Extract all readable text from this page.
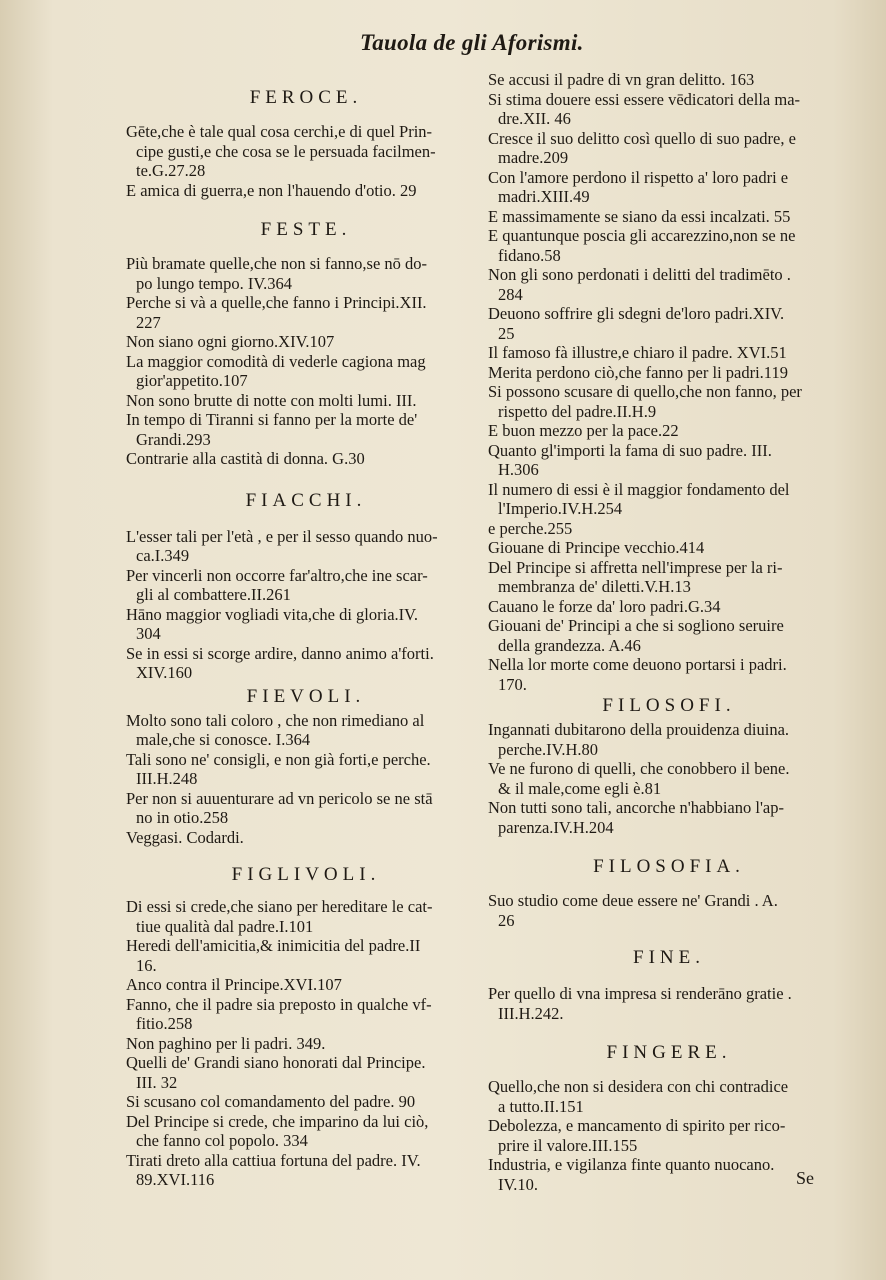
Tauola de gli Aforismi.

FEROCE.

Gēte,che è tale qual cosa cerchi,e di quel Prin-
cipe gusti,e che cosa se le persuada facilmen-
te.G.27.28

E amica di guerra,e non l'hauendo d'otio. 29

FESTE.

Più bramate quelle,che non si fanno,se nō do-
po lungo tempo. IV.364

Perche si và a quelle,che fanno i Principi.XII.
227

Non siano ogni giorno.XIV.107

La maggior comodità di vederle cagiona mag
gior'appetito.107

Non sono brutte di notte con molti lumi. III.

In tempo di Tiranni si fanno per la morte de'
Grandi.293

Contrarie alla castità di donna. G.30

FIACCHI.

L'esser tali per l'età , e per il sesso quando nuo-
ca.I.349

Per vincerli non occorre far'altro,che ine scar-
gli al combattere.II.261

Hāno maggior vogliadi vita,che di gloria.IV.
304

Se in essi si scorge ardire, danno animo a'forti.
XIV.160

FIEVOLI.

Molto sono tali coloro , che non rimediano al
male,che si conosce. I.364

Tali sono ne' consigli, e non già forti,e perche.
III.H.248

Per non si auuenturare ad vn pericolo se ne stā
no in otio.258

Veggasi. Codardi.

FIGLIVOLI.

Di essi si crede,che siano per hereditare le cat-
tiue qualità dal padre.I.101

Heredi dell'amicitia,& inimicitia del padre.II
16.

Anco contra il Principe.XVI.107

Fanno, che il padre sia preposto in qualche vf-
fitio.258

Non paghino per li padri. 349.

Quelli de' Grandi siano honorati dal Principe.
III. 32

Si scusano col comandamento del padre. 90

Del Principe si crede, che imparino da lui ciò,
che fanno col popolo. 334

Tirati dreto alla cattiua fortuna del padre. IV.
89.XVI.116

Se accusi il padre di vn gran delitto. 163

Si stima douere essi essere vēdicatori della ma-
dre.XII. 46

Cresce il suo delitto così quello di suo padre, e
madre.209

Con l'amore perdono il rispetto a' loro padri e
madri.XIII.49

E massimamente se siano da essi incalzati. 55

E quantunque poscia gli accarezzino,non se ne
fidano.58

Non gli sono perdonati i delitti del tradimēto .
284

Deuono soffrire gli sdegni de'loro padri.XIV.
25

Il famoso fà illustre,e chiaro il padre. XVI.51

Merita perdono ciò,che fanno per li padri.119

Si possono scusare di quello,che non fanno, per
rispetto del padre.II.H.9

E buon mezzo per la pace.22

Quanto gl'importi la fama di suo padre. III.
H.306

Il numero di essi è il maggior fondamento del
l'Imperio.IV.H.254

e perche.255

Giouane di Principe vecchio.414

Del Principe si affretta nell'imprese per la ri-
membranza de' diletti.V.H.13

Cauano le forze da' loro padri.G.34

Giouani de' Principi a che si sogliono seruire
della grandezza. A.46

Nella lor morte come deuono portarsi i padri.
170.

FILOSOFI.

Ingannati dubitarono della prouidenza diuina.
perche.IV.H.80

Ve ne furono di quelli, che conobbero il bene.
& il male,come egli è.81

Non tutti sono tali, ancorche n'habbiano l'ap-
parenza.IV.H.204

FILOSOFIA.

Suo studio come deue essere ne' Grandi . A.
26

FINE.

Per quello di vna impresa si renderāno gratie .
III.H.242.

FINGERE.

Quello,che non si desidera con chi contradice
a tutto.II.151

Debolezza, e mancamento di spirito per rico-
prire il valore.III.155

Industria, e vigilanza finte quanto nuocano.
IV.10.	Se
